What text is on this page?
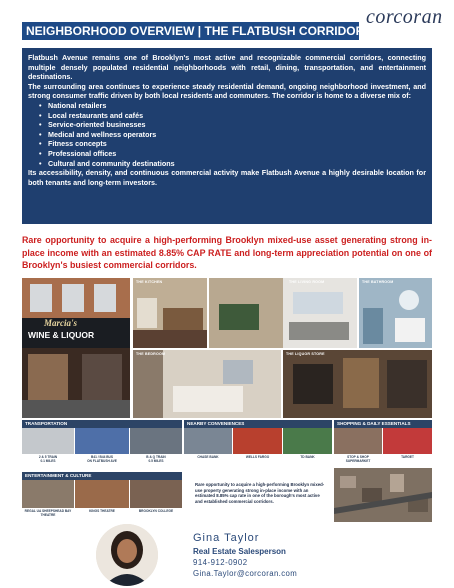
corcoran
NEIGHBORHOOD OVERVIEW | THE FLATBUSH CORRIDOR

Flatbush Avenue remains one of Brooklyn's most active and recognizable commercial corridors, connecting multiple densely populated residential neighborhoods with retail, dining, transportation, and entertainment destinations.

The surrounding area continues to experience steady residential demand, ongoing neighborhood investment, and strong consumer traffic driven by both local residents and commuters. The corridor is home to a diverse mix of:

• National retailers
• Local restaurants and cafés
• Service-oriented businesses
• Medical and wellness operators
• Fitness concepts
• Professional offices
• Cultural and community destinations

Its accessibility, density, and continuous commercial activity make Flatbush Avenue a highly desirable location for both tenants and long-term investors.

Rare opportunity to acquire a high-performing Brooklyn mixed-use asset generating strong in-place income with an estimated 8.85% CAP RATE and long-term appreciation potential on one of Brooklyn's busiest commercial corridors.
Marcia's
WINE & LIQUOR
THE KITCHEN	THE LIVING ROOM	THE BATHROOM
THE BEDROOM	THE LIQUOR STORE
TRANSPORTATION
2 & 5 TRAIN
0.1 MILES
B41 / B44 BUS
ON FLATBUSH AVE
B & Q TRAIN
0.5 MILES
NEARBY CONVENIENCES
CHASE BANK	WELLS FARGO	TD BANK
SHOPPING & DAILY ESSENTIALS
STOP & SHOP
SUPERMARKET
TARGET
ENTERTAINMENT & CULTURE
REGAL UA SHEEPSHEAD BAY
THEATRE
KINGS THEATRE	BROOKLYN COLLEGE
Rare opportunity to acquire a high-performing Brooklyn mixed-use property generating strong in-place income with an estimated 8.85% cap rate in one of the borough's most active and established commercial corridors.
Gina Taylor
Real Estate Salesperson
914-912-0902
Gina.Taylor@corcoran.com
